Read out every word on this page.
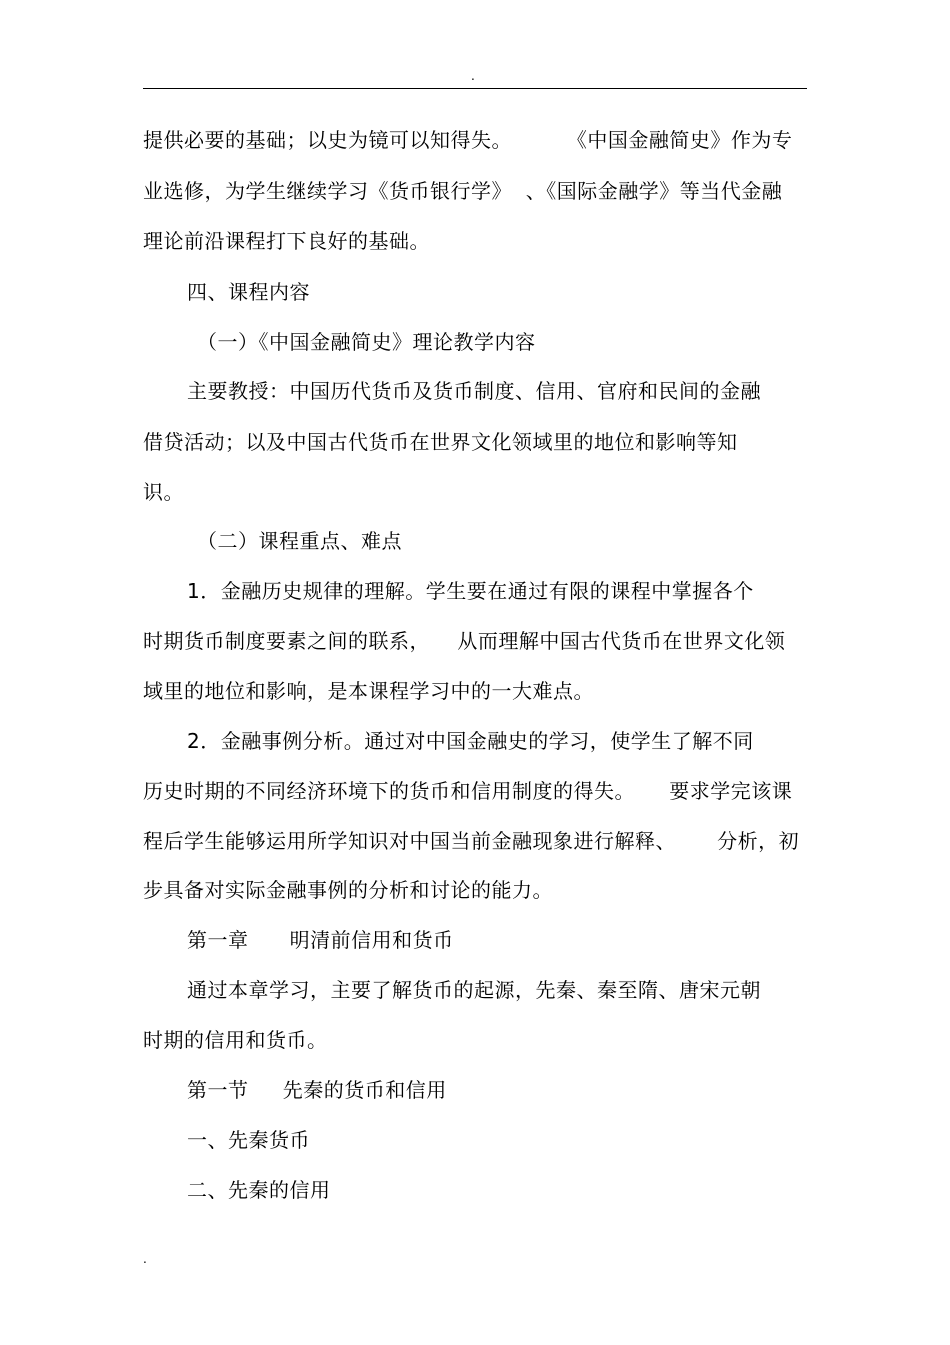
.
提供必要的基础；以史为镜可以知得失。        《中国金融简史》作为专
业选修，为学生继续学习《货币银行学》  、《国际金融学》等当代金融
理论前沿课程打下良好的基础。
四、课程内容
（一）《中国金融简史》理论教学内容
主要教授：中国历代货币及货币制度、信用、官府和民间的金融
借贷活动；以及中国古代货币在世界文化领域里的地位和影响等知
识。
（二）课程重点、难点
1．金融历史规律的理解。学生要在通过有限的课程中掌握各个
时期货币制度要素之间的联系，    从而理解中国古代货币在世界文化领
域里的地位和影响，是本课程学习中的一大难点。
2．金融事例分析。通过对中国金融史的学习，使学生了解不同
历史时期的不同经济环境下的货币和信用制度的得失。     要求学完该课
程后学生能够运用所学知识对中国当前金融现象进行解释、      分析，初
步具备对实际金融事例的分析和讨论的能力。
第一章      明清前信用和货币
通过本章学习，主要了解货币的起源，先秦、秦至隋、唐宋元朝
时期的信用和货币。
第一节     先秦的货币和信用
一、先秦货币
二、先秦的信用
.
